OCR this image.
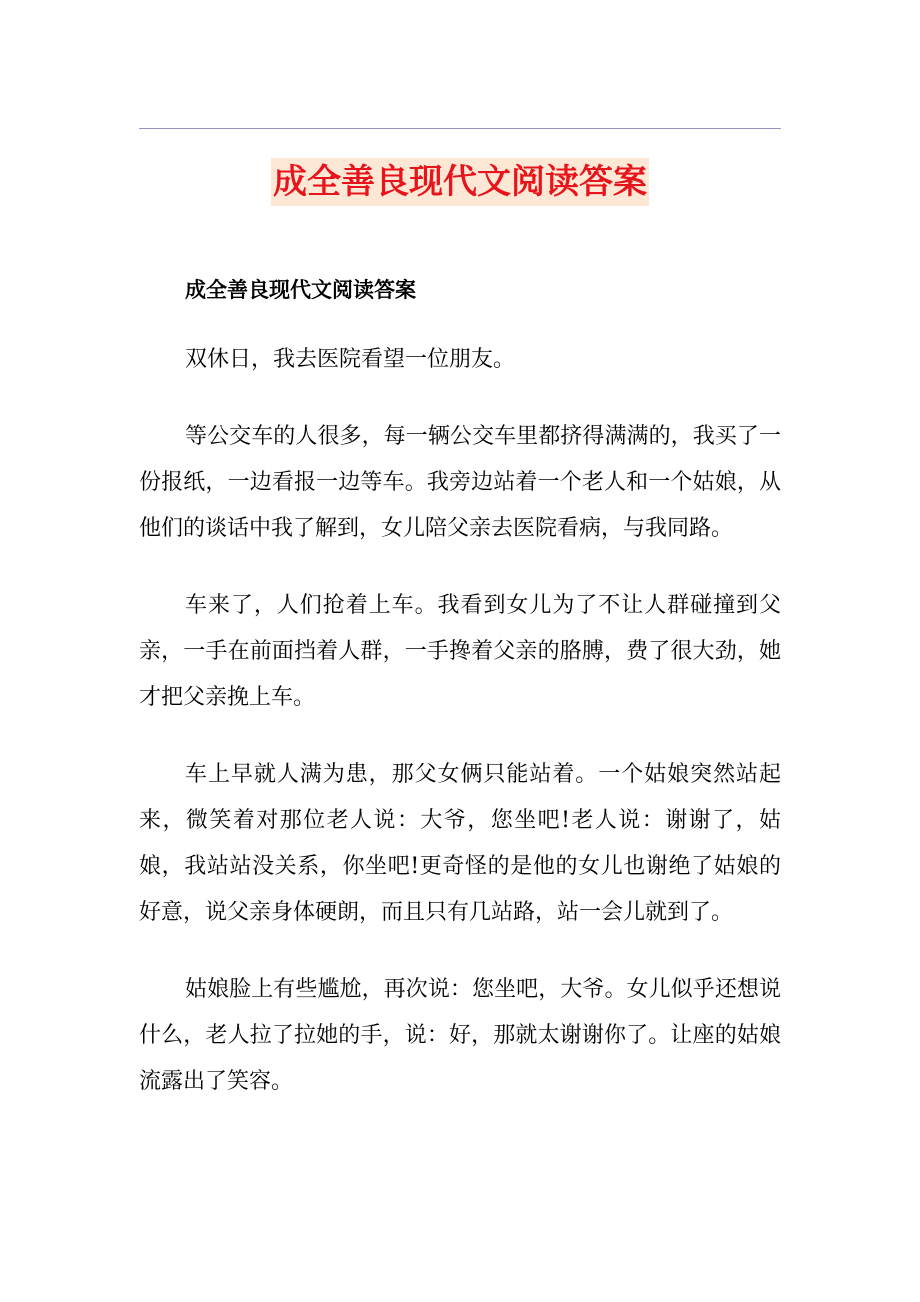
成全善良现代文阅读答案

成全善良现代文阅读答案

双休日，我去医院看望一位朋友。

等公交车的人很多，每一辆公交车里都挤得满满的，我买了一份报纸，一边看报一边等车。我旁边站着一个老人和一个姑娘，从他们的谈话中我了解到，女儿陪父亲去医院看病，与我同路。

车来了，人们抢着上车。我看到女儿为了不让人群碰撞到父亲，一手在前面挡着人群，一手搀着父亲的胳膊，费了很大劲，她才把父亲挽上车。

车上早就人满为患，那父女俩只能站着。一个姑娘突然站起来，微笑着对那位老人说：大爷，您坐吧!老人说：谢谢了，姑娘，我站站没关系，你坐吧!更奇怪的是他的女儿也谢绝了姑娘的好意，说父亲身体硬朗，而且只有几站路，站一会儿就到了。

姑娘脸上有些尴尬，再次说：您坐吧，大爷。女儿似乎还想说什么，老人拉了拉她的手，说：好，那就太谢谢你了。让座的姑娘流露出了笑容。
